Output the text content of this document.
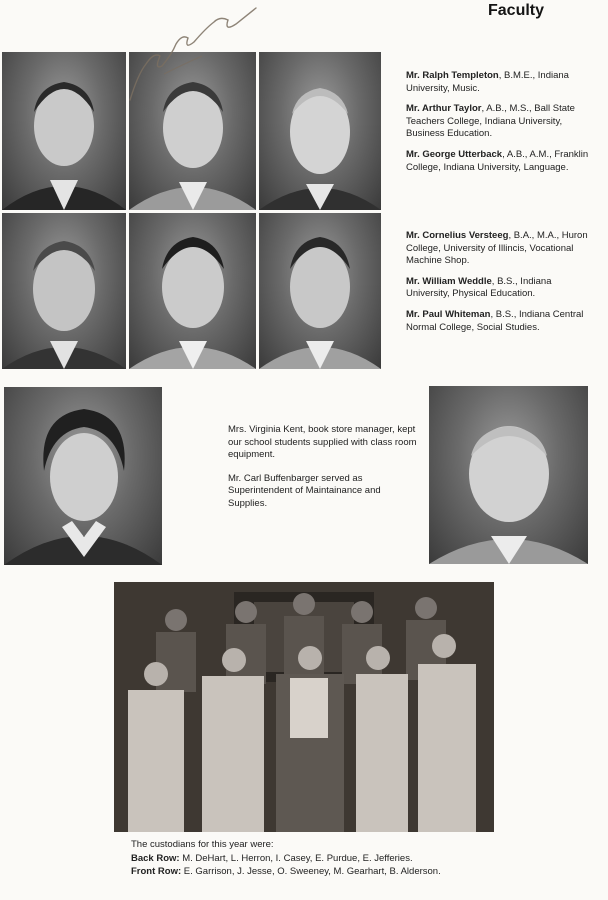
Faculty

Mr. Ralph Templeton, B.M.E., Indiana University, Music.

Mr. Arthur Taylor, A.B., M.S., Ball State Teachers College, Indiana University, Business Education.

Mr. George Utterback, A.B., A.M., Franklin College, Indiana University, Language.

Mr. Cornelius Versteeg, B.A., M.A., Huron College, University of Illincis, Vocational Machine Shop.

Mr. William Weddle, B.S., Indiana University, Physical Education.

Mr. Paul Whiteman, B.S., Indiana Central Normal College, Social Studies.

Mrs. Virginia Kent, book store manager, kept our school students supplied with class room equipment.

Mr. Carl Buffenbarger served as Superintendent of Maintainance and Supplies.

The custodians for this year were:
Back Row: M. DeHart, L. Herron, I. Casey, E. Purdue, E. Jefferies.
Front Row: E. Garrison, J. Jesse, O. Sweeney, M. Gearhart, B. Alderson.
